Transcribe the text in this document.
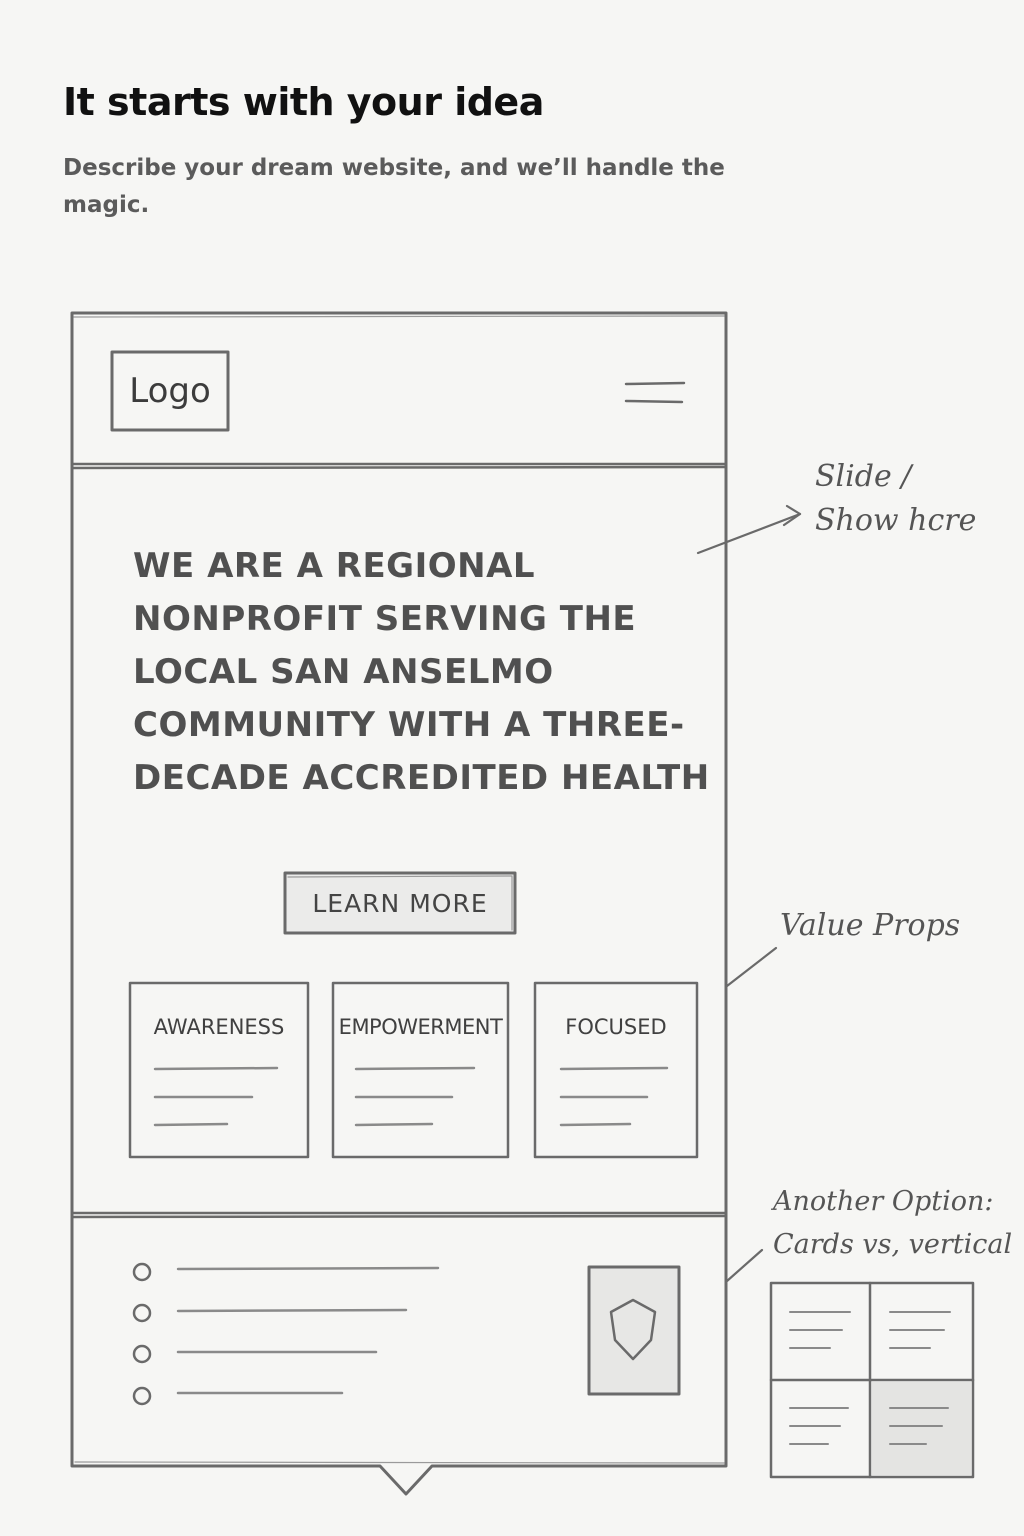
It starts with your idea

Describe your dream website, and we’ll handle the magic.

Logo

WE ARE A REGIONAL NONPROFIT SERVING THE LOCAL SAN ANSELMO COMMUNITY WITH A THREE-DECADE ACCREDITED HEALTH

LEARN MORE
AWARENESS	EMPOWERMENT	FOCUSED
Slide /
Show hcre
Value Props
Another Option:
Cards vs, vertical
